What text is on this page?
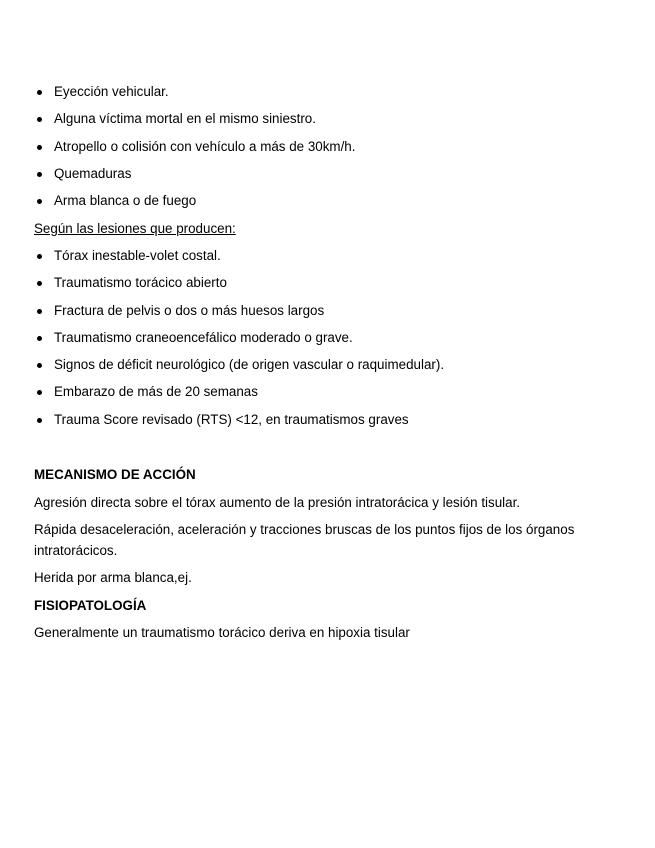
Eyección vehicular.
Alguna víctima mortal en el mismo siniestro.
Atropello o colisión con vehículo a más de 30km/h.
Quemaduras
Arma blanca o de fuego
Según las lesiones que producen:
Tórax inestable-volet costal.
Traumatismo torácico abierto
Fractura de pelvis o dos o más huesos largos
Traumatismo craneoencefálico moderado o grave.
Signos de déficit neurológico (de origen vascular o raquimedular).
Embarazo de más de 20 semanas
Trauma Score revisado (RTS) <12, en traumatismos graves
MECANISMO DE ACCIÓN
Agresión directa sobre el tórax aumento de la presión intratorácica y lesión tisular.
Rápida desaceleración, aceleración y tracciones bruscas de los puntos fijos de los órganos intratorácicos.
Herida por arma blanca,ej.
FISIOPATOLOGÍA
Generalmente un traumatismo torácico deriva en hipoxia tisular
